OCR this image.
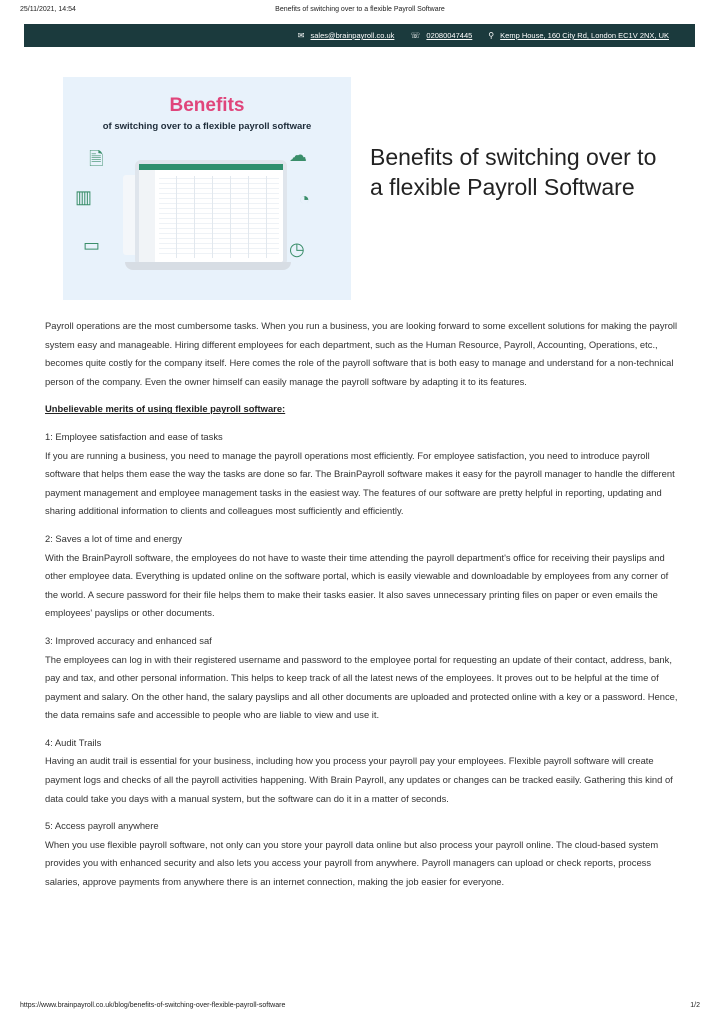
25/11/2021, 14:54	Benefits of switching over to a flexible Payroll Software
✉ sales@brainpayroll.co.uk ☏ 02080047445 ⚲ Kemp House, 160 City Rd, London EC1V 2NX, UK
Benefits
of switching over to a flexible payroll software
🗎
▥
▭
☁
◔
◷
Benefits of switching over to a flexible Payroll Software

Payroll operations are the most cumbersome tasks. When you run a business, you are looking forward to some excellent solutions for making the payroll system easy and manageable. Hiring different employees for each department, such as the Human Resource, Payroll, Accounting, Operations, etc., becomes quite costly for the company itself. Here comes the role of the payroll software that is both easy to manage and understand for a non-technical person of the company. Even the owner himself can easily manage the payroll software by adapting it to its features.

Unbelievable merits of using flexible payroll software:

1: Employee satisfaction and ease of tasks

If you are running a business, you need to manage the payroll operations most efficiently. For employee satisfaction, you need to introduce payroll software that helps them ease the way the tasks are done so far. The BrainPayroll software makes it easy for the payroll manager to handle the different payment management and employee management tasks in the easiest way. The features of our software are pretty helpful in reporting, updating and sharing additional information to clients and colleagues most sufficiently and efficiently.

2: Saves a lot of time and energy

With the BrainPayroll software, the employees do not have to waste their time attending the payroll department's office for receiving their payslips and other employee data. Everything is updated online on the software portal, which is easily viewable and downloadable by employees from any corner of the world. A secure password for their file helps them to make their tasks easier. It also saves unnecessary printing files on paper or even emails the employees' payslips or other documents.

3: Improved accuracy and enhanced saf

The employees can log in with their registered username and password to the employee portal for requesting an update of their contact, address, bank, pay and tax, and other personal information. This helps to keep track of all the latest news of the employees. It proves out to be helpful at the time of payment and salary. On the other hand, the salary payslips and all other documents are uploaded and protected online with a key or a password. Hence, the data remains safe and accessible to people who are liable to view and use it.

4: Audit Trails

Having an audit trail is essential for your business, including how you process your payroll pay your employees. Flexible payroll software will create payment logs and checks of all the payroll activities happening. With Brain Payroll, any updates or changes can be tracked easily. Gathering this kind of data could take you days with a manual system, but the software can do it in a matter of seconds.

5: Access payroll anywhere

When you use flexible payroll software, not only can you store your payroll data online but also process your payroll online. The cloud-based system provides you with enhanced security and also lets you access your payroll from anywhere. Payroll managers can upload or check reports, process salaries, approve payments from anywhere there is an internet connection, making the job easier for everyone.

https://www.brainpayroll.co.uk/blog/benefits-of-switching-over-flexible-payroll-software	1/2
